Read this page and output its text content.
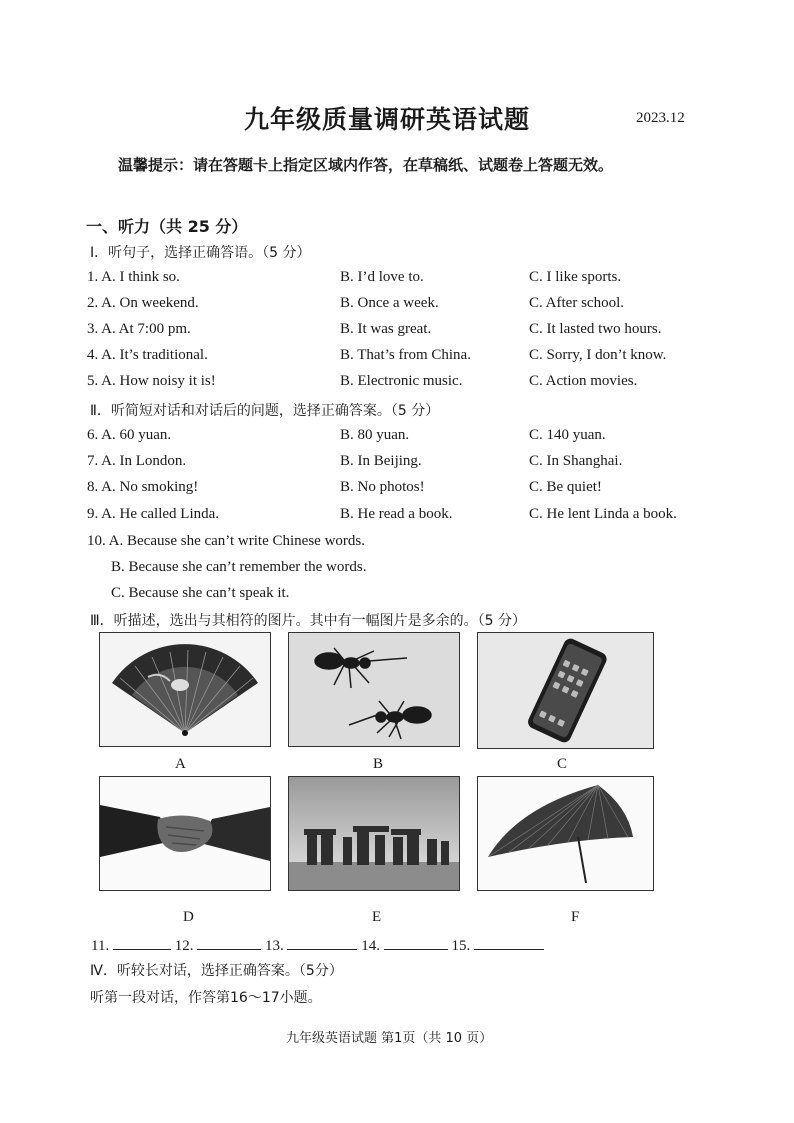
九年级质量调研英语试题	2023.12
温馨提示：请在答题卡上指定区域内作答，在草稿纸、试题卷上答题无效。
一、听力（共 25 分）
Ⅰ．听句子，选择正确答语。（5 分）
1. A. I think so.	B. I’d love to.	C. I like sports.
2. A. On weekend.	B. Once a week.	C. After school.
3. A. At 7:00 pm.	B. It was great.	C. It lasted two hours.
4. A. It’s traditional.	B. That’s from China.	C. Sorry, I don’t know.
5. A. How noisy it is!	B. Electronic music.	C. Action movies.
Ⅱ．听简短对话和对话后的问题，选择正确答案。（5 分）
6. A. 60 yuan.	B. 80 yuan.	C. 140 yuan.
7. A. In London.	B. In Beijing.	C. In Shanghai.
8. A. No smoking!	B. No photos!	C. Be quiet!
9. A. He called Linda.	B. He read a book.	C. He lent Linda a book.
10. A. Because she can’t write Chinese words.
B. Because she can’t remember the words.
C. Because she can’t speak it.
Ⅲ．听描述，选出与其相符的图片。其中有一幅图片是多余的。（5 分）
A	B	C
D	E	F
11.	12.	13.	14.	15.
Ⅳ．听较长对话，选择正确答案。（5分）
听第一段对话，作答第16～17小题。
九年级英语试题 第1页（共 10 页）
